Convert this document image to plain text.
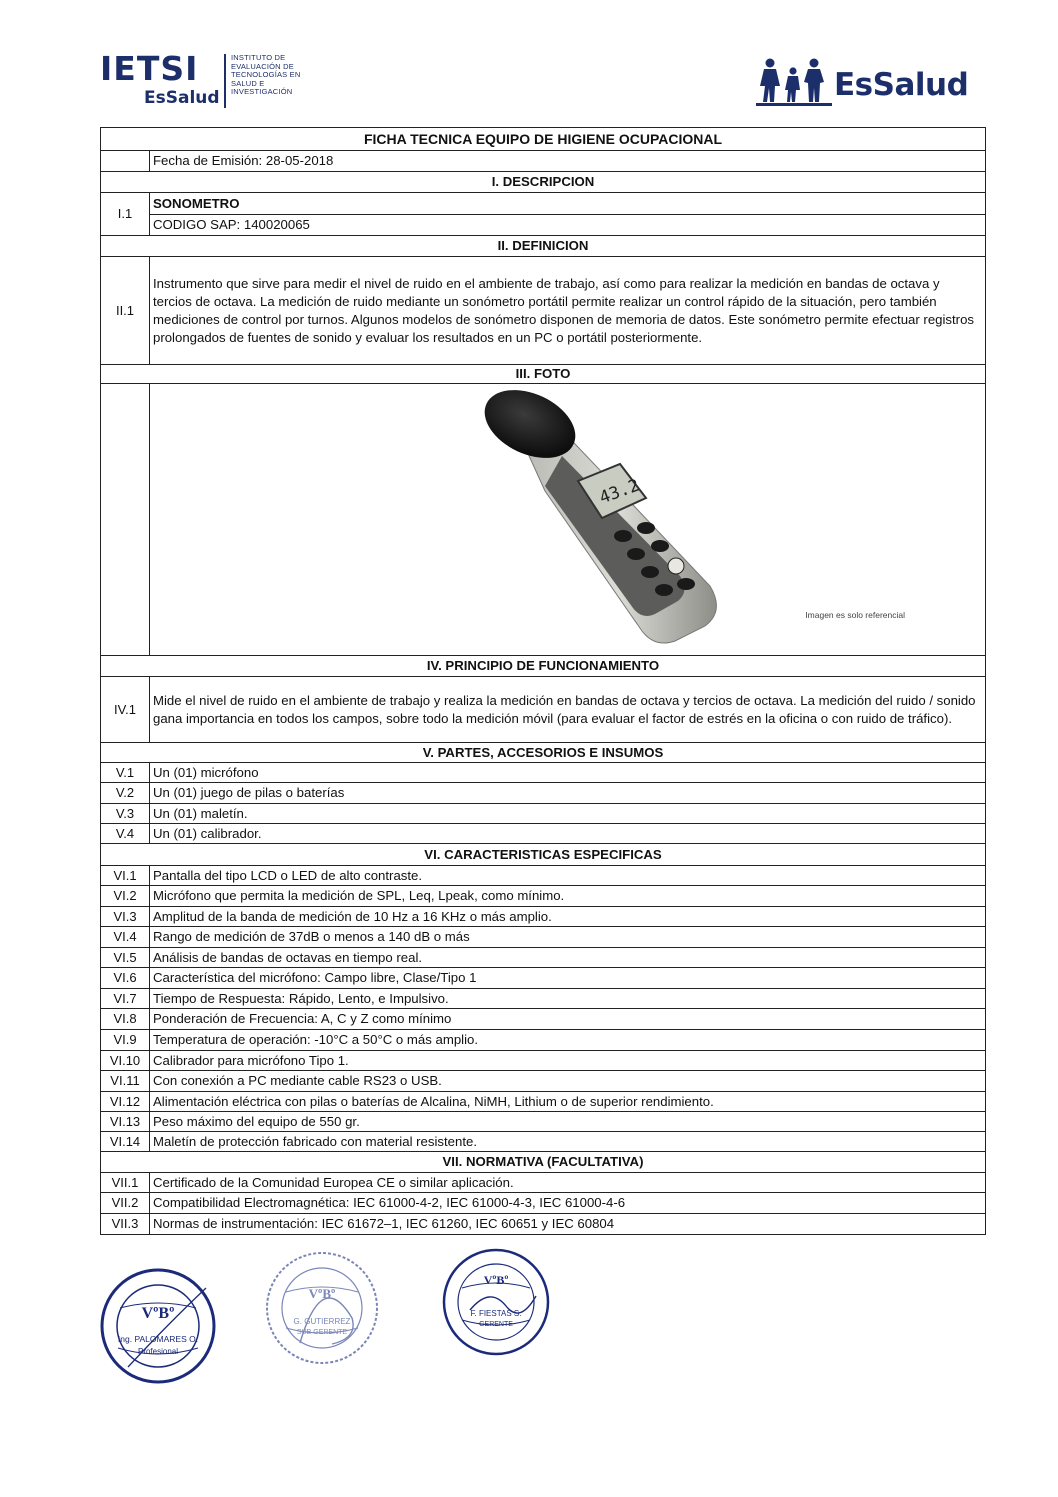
IETSI
EsSalud
INSTITUTO DE
EVALUACIÓN DE
TECNOLOGÍAS EN
SALUD E
INVESTIGACIÓN	EsSalud
FICHA TECNICA EQUIPO DE HIGIENE OCUPACIONAL	
	Fecha de Emisión: 28-05-2018
I. DESCRIPCION	
I.1	SONOMETRO
	CODIGO SAP: 140020065
II. DEFINICION	
II.1	Instrumento que sirve para medir el nivel de ruido en el ambiente de trabajo, así como para realizar la medición en bandas de octava y tercios de octava. La medición de ruido mediante un sonómetro portátil permite realizar un control rápido de la situación, pero también mediciones de control por turnos. Algunos modelos de sonómetro disponen de memoria de datos. Este sonómetro permite efectuar registros prolongados de fuentes de sonido y evaluar los resultados en un PC o portátil posteriormente.
III. FOTO	

43.2
Imagen es solo referencial

IV. PRINCIPIO DE FUNCIONAMIENTO	
IV.1	Mide el nivel de ruido en el ambiente de trabajo y realiza la medición en bandas de octava y tercios de octava. La medición del ruido / sonido gana importancia en todos los campos, sobre todo la medición móvil (para evaluar el factor de estrés en la oficina o con ruido de tráfico).
V. PARTES, ACCESORIOS E INSUMOS	
V.1	Un (01) micrófono
V.2	Un (01) juego de pilas o baterías
V.3	Un (01) maletín.
V.4	Un (01) calibrador.
VI. CARACTERISTICAS ESPECIFICAS	
VI.1	Pantalla del tipo LCD o LED de alto contraste.
VI.2	Micrófono que permita la medición de SPL, Leq, Lpeak, como mínimo.
VI.3	Amplitud de la banda de medición de 10 Hz a 16 KHz o más amplio.
VI.4	Rango de medición de 37dB o menos a 140 dB o más
VI.5	Análisis de bandas de octavas en tiempo real.
VI.6	Característica del micrófono: Campo libre, Clase/Tipo 1
VI.7	Tiempo de Respuesta: Rápido, Lento, e Impulsivo.
VI.8	Ponderación de Frecuencia: A, C y Z como mínimo
VI.9	Temperatura de operación: -10°C a 50°C o más amplio.
VI.10	Calibrador para micrófono Tipo 1.
VI.11	Con conexión a PC mediante cable RS23 o USB.
VI.12	Alimentación eléctrica con pilas o baterías de Alcalina, NiMH, Lithium o de superior rendimiento.
VI.13	Peso máximo del equipo de 550 gr.
VI.14	Maletín de protección fabricado con material resistente.
VII. NORMATIVA (FACULTATIVA)	
VII.1	Certificado de la Comunidad Europea CE o similar aplicación.
VII.2	Compatibilidad Electromagnética: IEC 61000-4-2, IEC 61000-4-3, IEC 61000-4-6
VII.3	Normas de instrumentación: IEC 61672–1, IEC 61260, IEC 60651 y IEC 60804
VºBº
Ing. PALOMARES O.
Profesional
VºBº
G. GUTIERREZ
SUB GERENTE
VºBº
F. FIESTAS S.
GERENTE
